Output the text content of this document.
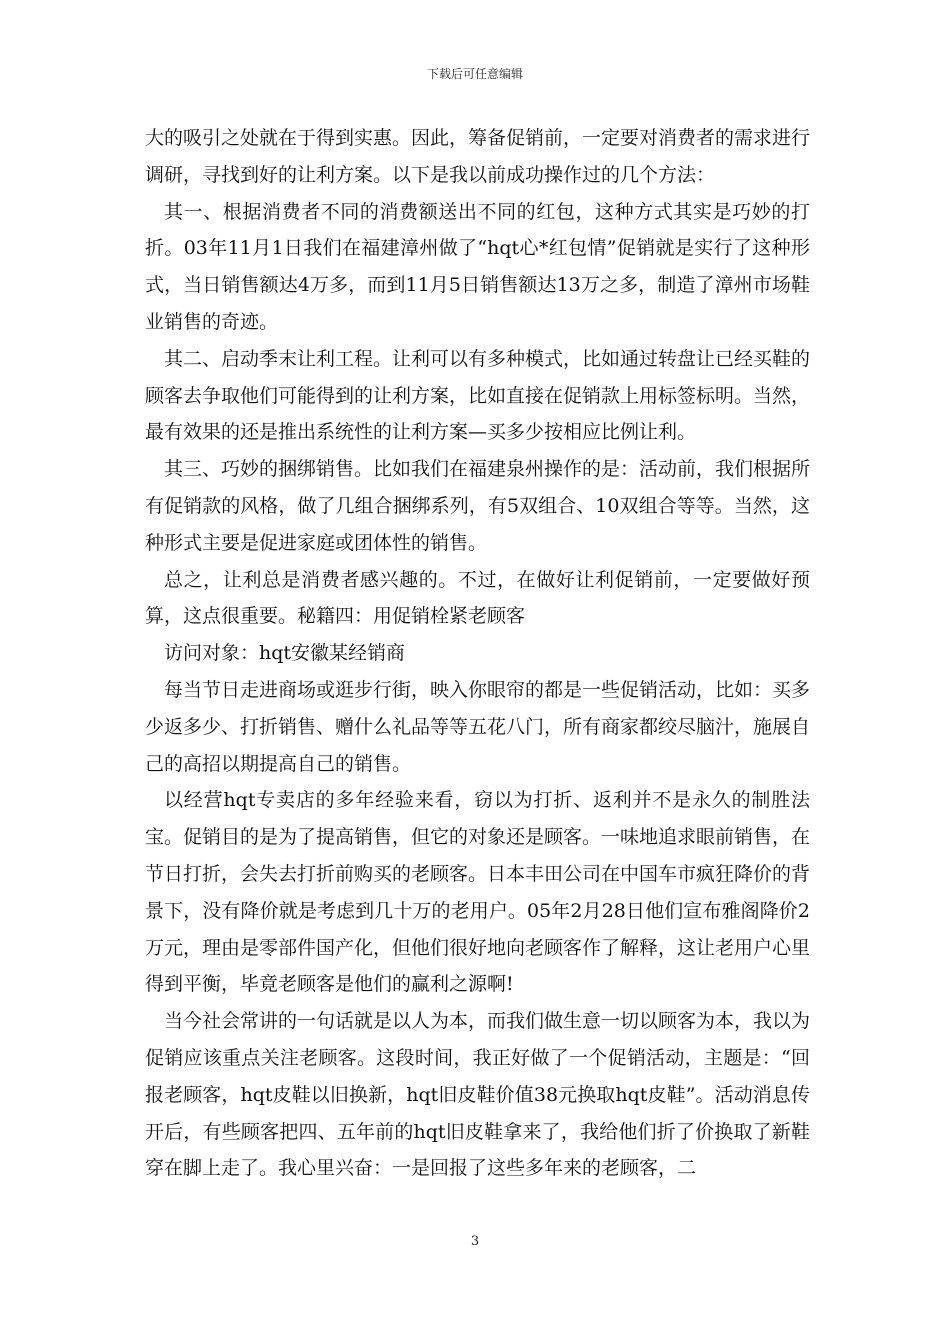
下载后可任意编辑

大的吸引之处就在于得到实惠。因此，筹备促销前，一定要对消费者的需求进行调研，寻找到好的让利方案。以下是我以前成功操作过的几个方法：

其一、根据消费者不同的消费额送出不同的红包，这种方式其实是巧妙的打折。03年11月1日我们在福建漳州做了“hqt心*红包情”促销就是实行了这种形式，当日销售额达4万多，而到11月5日销售额达13万之多，制造了漳州市场鞋业销售的奇迹。

其二、启动季末让利工程。让利可以有多种模式，比如通过转盘让已经买鞋的顾客去争取他们可能得到的让利方案，比如直接在促销款上用标签标明。当然，最有效果的还是推出系统性的让利方案—买多少按相应比例让利。

其三、巧妙的捆绑销售。比如我们在福建泉州操作的是：活动前，我们根据所有促销款的风格，做了几组合捆绑系列，有5双组合、10双组合等等。当然，这种形式主要是促进家庭或团体性的销售。

总之，让利总是消费者感兴趣的。不过，在做好让利促销前，一定要做好预算，这点很重要。秘籍四：用促销栓紧老顾客

访问对象：hqt安徽某经销商

每当节日走进商场或逛步行街，映入你眼帘的都是一些促销活动，比如：买多少返多少、打折销售、赠什么礼品等等五花八门，所有商家都绞尽脑汁，施展自己的高招以期提高自己的销售。

以经营hqt专卖店的多年经验来看，窃以为打折、返利并不是永久的制胜法宝。促销目的是为了提高销售，但它的对象还是顾客。一味地追求眼前销售，在节日打折，会失去打折前购买的老顾客。日本丰田公司在中国车市疯狂降价的背景下，没有降价就是考虑到几十万的老用户。05年2月28日他们宣布雅阁降价2万元，理由是零部件国产化，但他们很好地向老顾客作了解释，这让老用户心里得到平衡，毕竟老顾客是他们的赢利之源啊!

当今社会常讲的一句话就是以人为本，而我们做生意一切以顾客为本，我以为促销应该重点关注老顾客。这段时间，我正好做了一个促销活动，主题是：“回报老顾客，hqt皮鞋以旧换新，hqt旧皮鞋价值38元换取hqt皮鞋”。活动消息传开后，有些顾客把四、五年前的hqt旧皮鞋拿来了，我给他们折了价换取了新鞋穿在脚上走了。我心里兴奋：一是回报了这些多年来的老顾客，二

3
